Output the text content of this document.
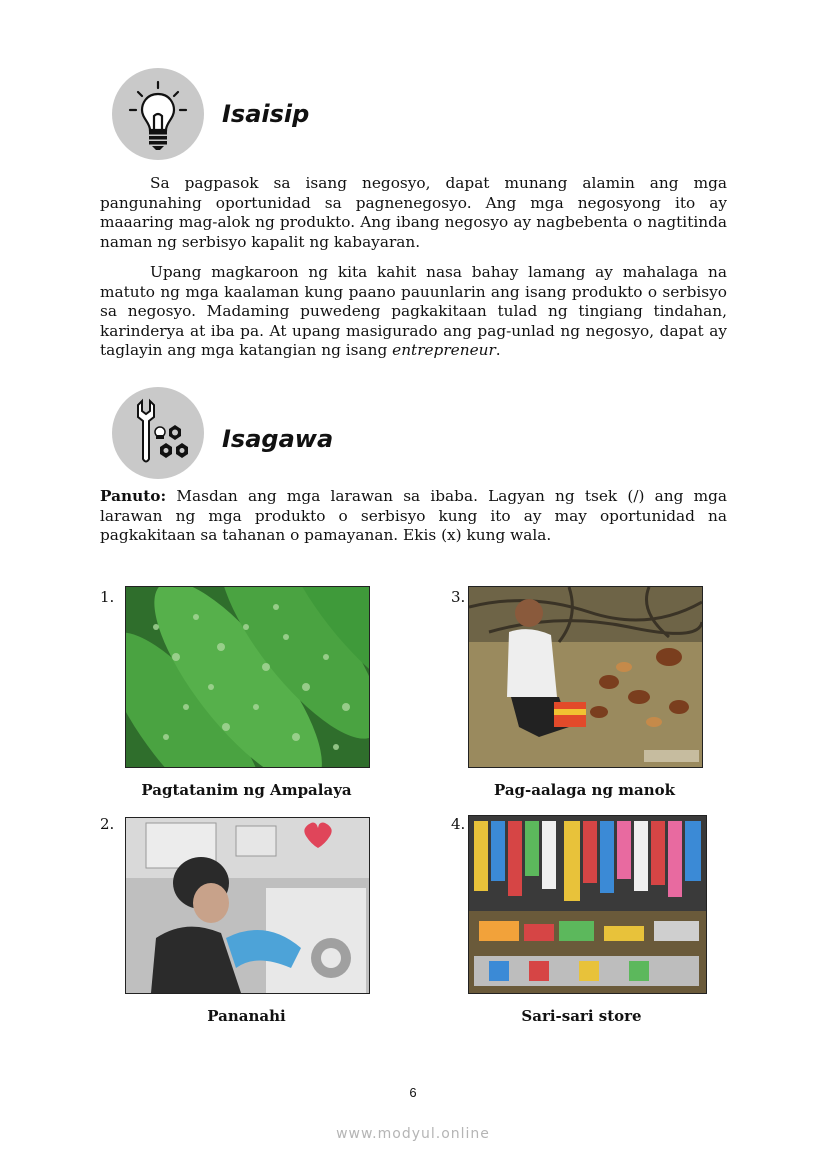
Isaisip

Sa pagpasok sa isang negosyo, dapat munang alamin ang mga pangunahing oportunidad sa pagnenegosyo. Ang mga negosyong ito ay maaaring mag-alok ng produkto. Ang ibang negosyo ay nagbebenta o nagtitinda naman ng serbisyo kapalit ng kabayaran.

Upang magkaroon ng kita kahit nasa bahay lamang ay mahalaga na matuto ng mga kaalaman kung paano pauunlarin ang isang produkto o serbisyo sa negosyo. Madaming puwedeng pagkakitaan tulad ng tingiang tindahan, karinderya at iba pa. At upang masigurado ang pag-unlad ng negosyo, dapat ay taglayin ang mga katangian ng isang entrepreneur.

Isagawa

Panuto: Masdan ang mga larawan sa ibaba. Lagyan ng tsek (/) ang mga larawan ng mga produkto o serbisyo kung ito ay may oportunidad na pagkakitaan sa tahanan o pamayanan. Ekis (x) kung wala.

1.
Pagtatanim ng Ampalaya
3.
Pag-aalaga ng manok
2.
Pananahi
4.
Sari-sari store
6
www.modyul.online
